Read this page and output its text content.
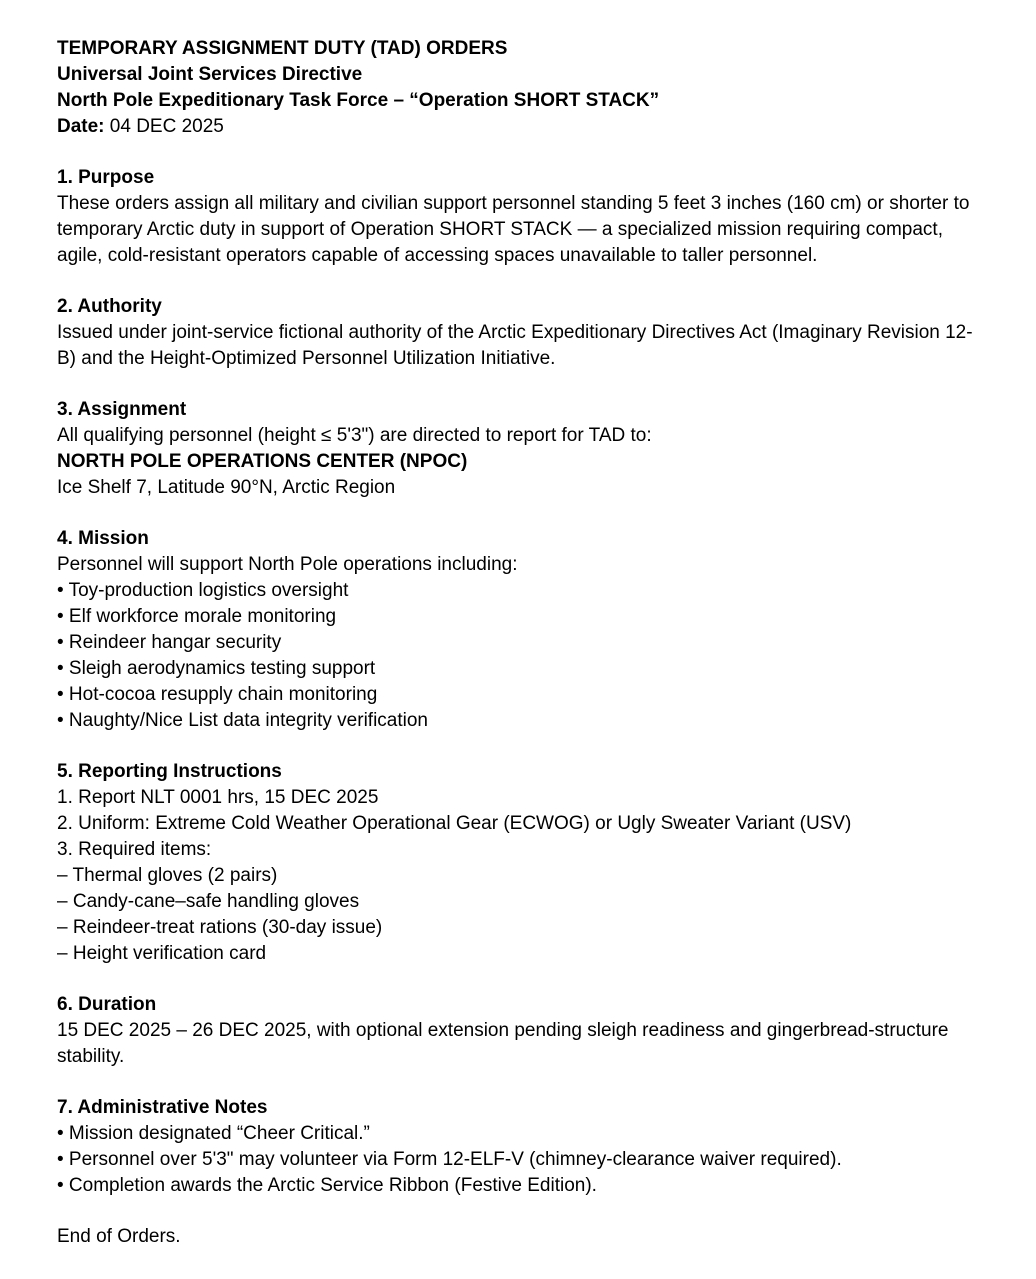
TEMPORARY ASSIGNMENT DUTY (TAD) ORDERS

Universal Joint Services Directive

North Pole Expeditionary Task Force – “Operation SHORT STACK”

Date: 04 DEC 2025

1. Purpose

These orders assign all military and civilian support personnel standing 5 feet 3 inches (160 cm) or shorter to temporary Arctic duty in support of Operation SHORT STACK — a specialized mission requiring compact, agile, cold-resistant operators capable of accessing spaces unavailable to taller personnel.

2. Authority

Issued under joint-service fictional authority of the Arctic Expeditionary Directives Act (Imaginary Revision 12-B) and the Height-Optimized Personnel Utilization Initiative.

3. Assignment

All qualifying personnel (height ≤ 5'3") are directed to report for TAD to:

NORTH POLE OPERATIONS CENTER (NPOC)

Ice Shelf 7, Latitude 90°N, Arctic Region

4. Mission

Personnel will support North Pole operations including:

• Toy-production logistics oversight

• Elf workforce morale monitoring

• Reindeer hangar security

• Sleigh aerodynamics testing support

• Hot-cocoa resupply chain monitoring

• Naughty/Nice List data integrity verification

5. Reporting Instructions

1. Report NLT 0001 hrs, 15 DEC 2025

2. Uniform: Extreme Cold Weather Operational Gear (ECWOG) or Ugly Sweater Variant (USV)

3. Required items:

– Thermal gloves (2 pairs)

– Candy-cane–safe handling gloves

– Reindeer-treat rations (30-day issue)

– Height verification card

6. Duration

15 DEC 2025 – 26 DEC 2025, with optional extension pending sleigh readiness and gingerbread-structure stability.

7. Administrative Notes

• Mission designated “Cheer Critical.”

• Personnel over 5'3" may volunteer via Form 12-ELF-V (chimney-clearance waiver required).

• Completion awards the Arctic Service Ribbon (Festive Edition).

End of Orders.
